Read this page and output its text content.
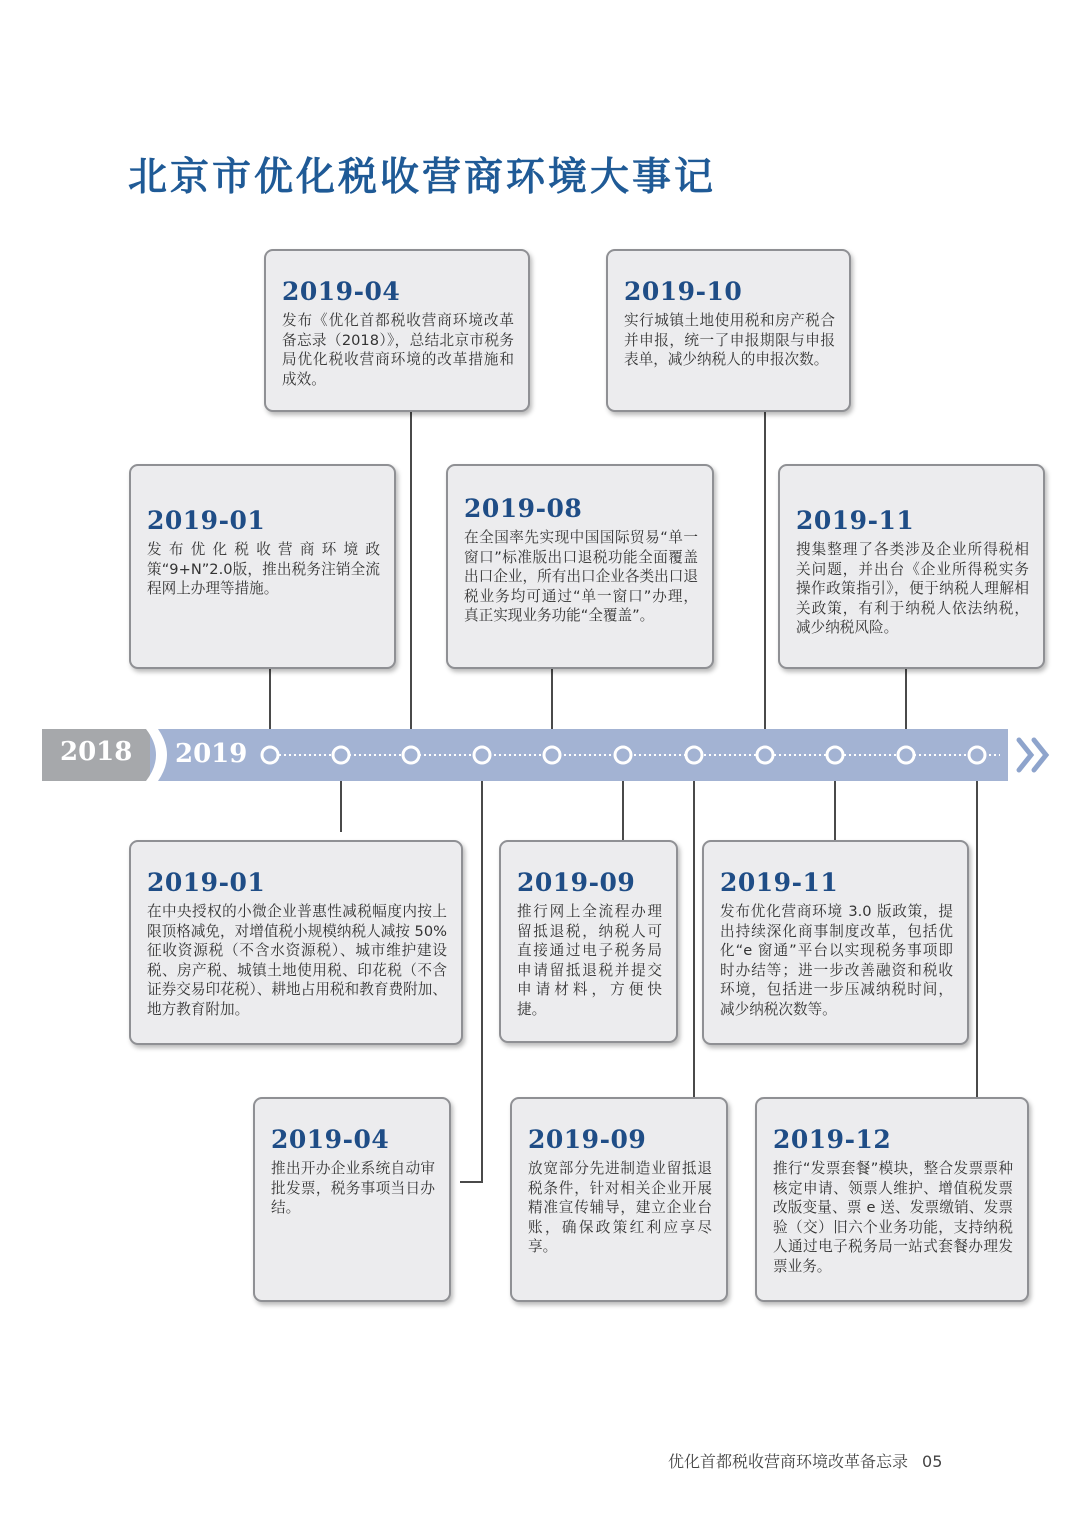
北京市优化税收营商环境大事记
2018 2019
2019-04
发布《优化首都税收营商环境改革备忘录（2018）》，总结北京市税务局优化税收营商环境的改革措施和成效。
2019-10
实行城镇土地使用税和房产税合并申报，统一了申报期限与申报表单，减少纳税人的申报次数。
2019-01
发布优化税收营商环境政策“9+N”2.0版，推出税务注销全流程网上办理等措施。
2019-08
在全国率先实现中国国际贸易“单一窗口”标准版出口退税功能全面覆盖出口企业，所有出口企业各类出口退税业务均可通过“单一窗口”办理，真正实现业务功能“全覆盖”。
2019-11
搜集整理了各类涉及企业所得税相关问题，并出台《企业所得税实务操作政策指引》，便于纳税人理解相关政策，有利于纳税人依法纳税，减少纳税风险。
2019-01
在中央授权的小微企业普惠性减税幅度内按上限顶格减免，对增值税小规模纳税人减按 50% 征收资源税（不含水资源税）、城市维护建设税、房产税、城镇土地使用税、印花税（不含证券交易印花税）、耕地占用税和教育费附加、地方教育附加。
2019-09
推行网上全流程办理留抵退税，纳税人可直接通过电子税务局申请留抵退税并提交申请材料，方便快捷。
2019-11
发布优化营商环境 3.0 版政策，提出持续深化商事制度改革，包括优化“e 窗通”平台以实现税务事项即时办结等；进一步改善融资和税收环境，包括进一步压减纳税时间，减少纳税次数等。
2019-04
推出开办企业系统自动审批发票，税务事项当日办结。
2019-09
放宽部分先进制造业留抵退税条件，针对相关企业开展精准宣传辅导，建立企业台账，确保政策红利应享尽享。
2019-12
推行“发票套餐”模块，整合发票票种核定申请、领票人维护、增值税发票改版变量、票 e 送、发票缴销、发票验（交）旧六个业务功能，支持纳税人通过电子税务局一站式套餐办理发票业务。
优化首都税收营商环境改革备忘录 05
